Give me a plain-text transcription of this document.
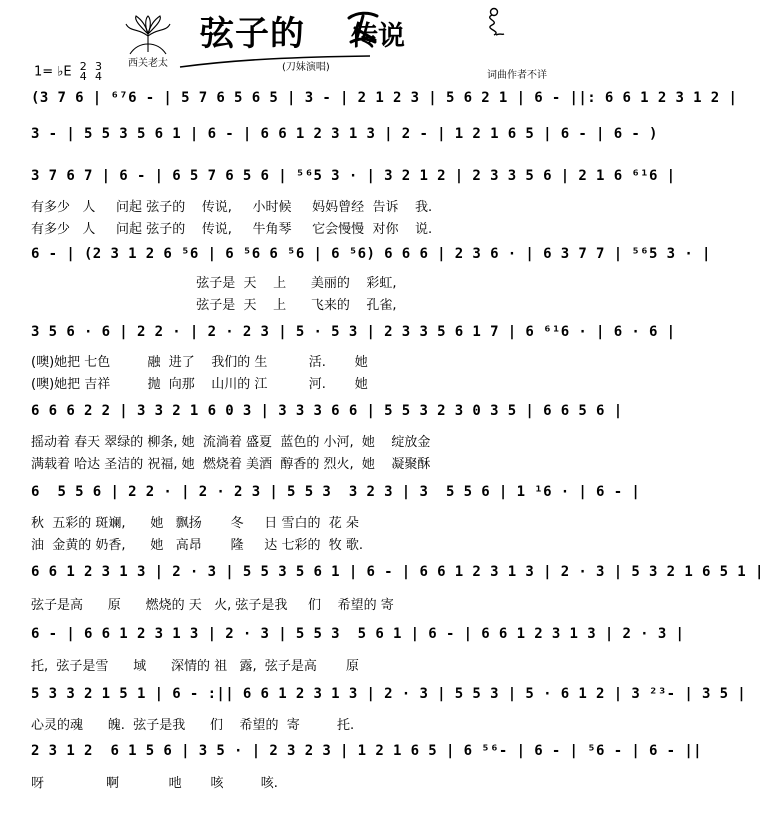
西关老太
弦子的 传说
(刀妹演唱)
1= ♭E 2
4

3
4	词曲作者不详
(3 7 6 | ⁶⁷6 - | 5 7 6 5 6 5 | 3 - | 2 1 2 3 | 5 6 2 1 | 6 - ||: 6 6 1 2 3 1 2 |
3 - | 5 5 3 5 6 1 | 6 - | 6 6 1 2 3 1 3 | 2 - | 1 2 1 6 5 | 6 - | 6 - )
3 7 6 7 | 6 - | 6 5 7 6 5 6 | ⁵⁶5 3 · | 3 2 1 2 | 2 3 3 5 6 | 2 1 6 ⁶¹6 |
有多少   人     问起 弦子的    传说,     小时候     妈妈曾经  告诉    我.
有多少   人     问起 弦子的    传说,     牛角琴     它会慢慢  对你    说.
6 - | (2 3 1 2 6 ⁵6 | 6 ⁵6 6 ⁵6 | 6 ⁵6) 6 6 6 | 2 3 6 · | 6 3 7 7 | ⁵⁶5 3 · |
弦子是  天    上      美丽的    彩虹,
弦子是  天    上      飞来的    孔雀,
3 5 6 · 6 | 2 2 · | 2 · 2 3 | 5 · 5 3 | 2 3 3 5 6 1 7 | 6 ⁶¹6 · | 6 · 6 |
(噢)她把 七色         融  进了    我们的 生          活.       她
(噢)她把 吉祥         抛  向那    山川的 江          河.       她
6 6 6 2 2 | 3 3 2 1 6 0 3 | 3 3 3 6 6 | 5 5 3 2 3 0 3 5 | 6 6 5 6 |
摇动着 春天 翠绿的 柳条, 她  流淌着 盛夏  蓝色的 小河,  她    绽放金
满载着 哈达 圣洁的 祝福, 她  燃烧着 美酒  醇香的 烈火,  她    凝聚酥
6  5 5 6 | 2 2 · | 2 · 2 3 | 5 5 3  3 2 3 | 3  5 5 6 | 1 ¹6 · | 6 - |
秋  五彩的 斑斓,      她   飘扬       冬     日 雪白的  花 朵
油  金黄的 奶香,      她   高昂       隆     达 七彩的  牧 歌.
6 6 1 2 3 1 3 | 2 · 3 | 5 5 3 5 6 1 | 6 - | 6 6 1 2 3 1 3 | 2 · 3 | 5 3 2 1 6 5 1 |
弦子是高      原      燃烧的 天   火, 弦子是我     们    希望的 寄
6 - | 6 6 1 2 3 1 3 | 2 · 3 | 5 5 3  5 6 1 | 6 - | 6 6 1 2 3 1 3 | 2 · 3 |
托,  弦子是雪      域      深情的 祖   露,  弦子是高       原
5 3 3 2 1 5 1 | 6 - :|| 6 6 1 2 3 1 3 | 2 · 3 | 5 5 3 | 5 · 6 1 2 | 3 ²³- | 3 5 |
心灵的魂      魄.  弦子是我      们    希望的  寄         托.
2 3 1 2  6 1 5 6 | 3 5 · | 2 3 2 3 | 1 2 1 6 5 | 6 ⁵⁶- | 6 - | ⁵6 - | 6 - ||
呀               啊            吔       咳         咳.
